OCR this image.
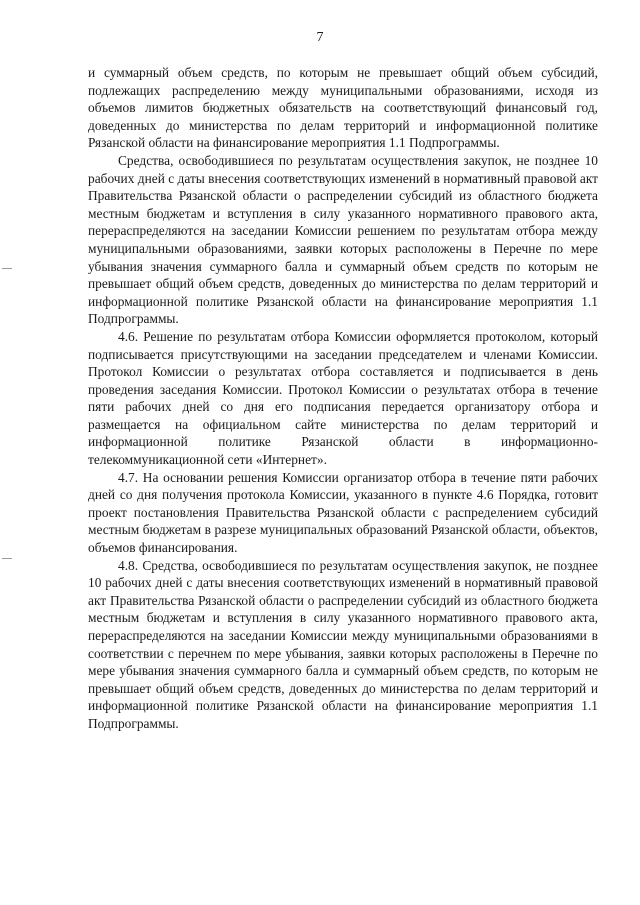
7

и суммарный объем средств, по которым не превышает общий объем субсидий, подлежащих распределению между муниципальными образованиями, исходя из объемов лимитов бюджетных обязательств на соответствующий финансовый год, доведенных до министерства по делам территорий и информационной политике Рязанской области на финансирование мероприятия 1.1 Подпрограммы.

Средства, освободившиеся по результатам осуществления закупок, не позднее 10 рабочих дней с даты внесения соответствующих изменений в нормативный правовой акт Правительства Рязанской области о распределении субсидий из областного бюджета местным бюджетам и вступления в силу указанного нормативного правового акта, перераспределяются на заседании Комиссии решением по результатам отбора между муниципальными образованиями, заявки которых расположены в Перечне по мере убывания значения суммарного балла и суммарный объем средств по которым не превышает общий объем средств, доведенных до министерства по делам территорий и информационной политике Рязанской области на финансирование мероприятия 1.1 Подпрограммы.

4.6. Решение по результатам отбора Комиссии оформляется протоколом, который подписывается присутствующими на заседании председателем и членами Комиссии. Протокол Комиссии о результатах отбора составляется и подписывается в день проведения заседания Комиссии. Протокол Комиссии о результатах отбора в течение пяти рабочих дней со дня его подписания передается организатору отбора и размещается на официальном сайте министерства по делам территорий и информационной политике Рязанской области в информационно-телекоммуникационной сети «Интернет».

4.7. На основании решения Комиссии организатор отбора в течение пяти рабочих дней со дня получения протокола Комиссии, указанного в пункте 4.6 Порядка, готовит проект постановления Правительства Рязанской области с распределением субсидий местным бюджетам в разрезе муниципальных образований Рязанской области, объектов, объемов финансирования.

4.8. Средства, освободившиеся по результатам осуществления закупок, не позднее 10 рабочих дней с даты внесения соответствующих изменений в нормативный правовой акт Правительства Рязанской области о распределении субсидий из областного бюджета местным бюджетам и вступления в силу указанного нормативного правового акта, перераспределяются на заседании Комиссии между муниципальными образованиями в соответствии с перечнем по мере убывания, заявки которых расположены в Перечне по мере убывания значения суммарного балла и суммарный объем средств, по которым не превышает общий объем средств, доведенных до министерства по делам территорий и информационной политике Рязанской области на финансирование мероприятия 1.1 Подпрограммы.
